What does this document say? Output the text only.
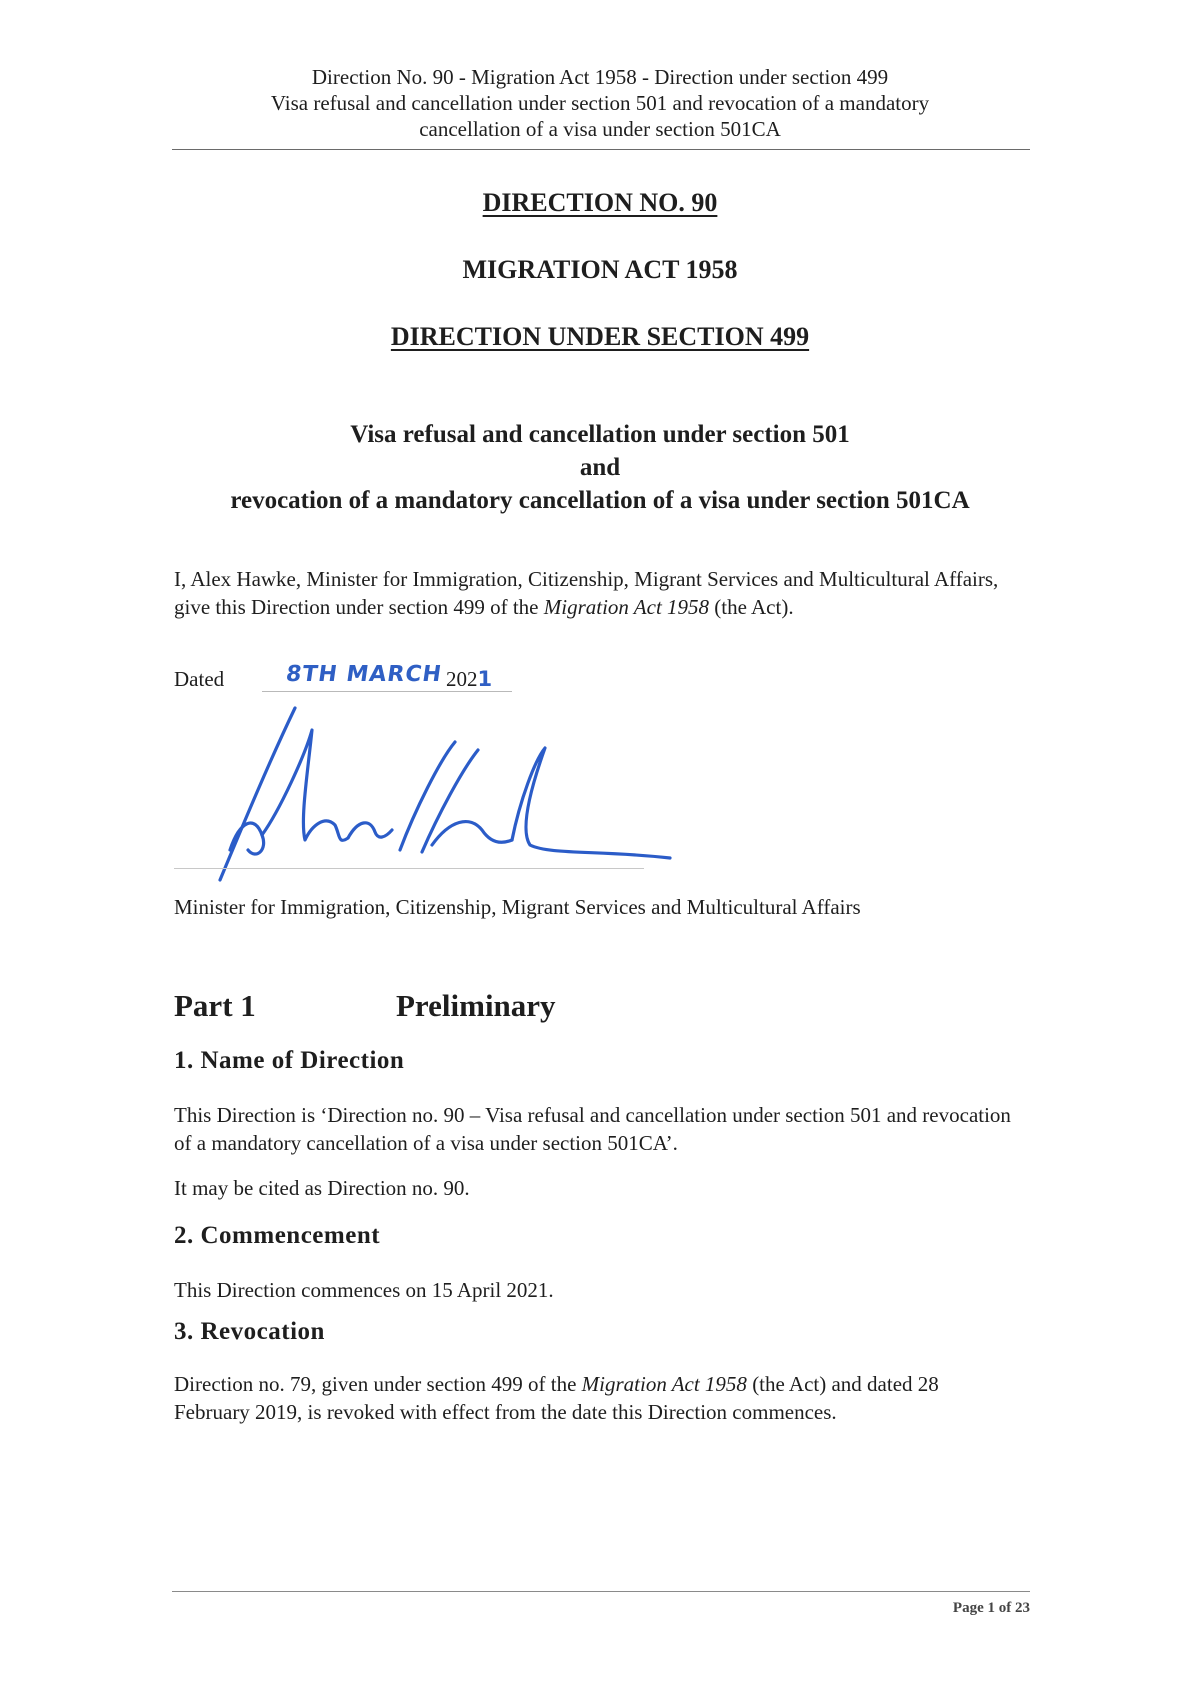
Direction No. 90 - Migration Act 1958 - Direction under section 499
Visa refusal and cancellation under section 501 and revocation of a mandatory
cancellation of a visa under section 501CA
DIRECTION NO. 90
MIGRATION ACT 1958
DIRECTION UNDER SECTION 499
Visa refusal and cancellation under section 501
and
revocation of a mandatory cancellation of a visa under section 501CA
I, Alex Hawke, Minister for Immigration, Citizenship, Migrant Services and Multicultural Affairs, give this Direction under section 499 of the Migration Act 1958 (the Act).
Dated	8TH MARCH 2021
Minister for Immigration, Citizenship, Migrant Services and Multicultural Affairs
Part 1	Preliminary
1. Name of Direction
This Direction is ‘Direction no. 90 – Visa refusal and cancellation under section 501 and revocation of a mandatory cancellation of a visa under section 501CA’.
It may be cited as Direction no. 90.
2. Commencement
This Direction commences on 15 April 2021.
3. Revocation
Direction no. 79, given under section 499 of the Migration Act 1958 (the Act) and dated 28 February 2019, is revoked with effect from the date this Direction commences.
Page 1 of 23
